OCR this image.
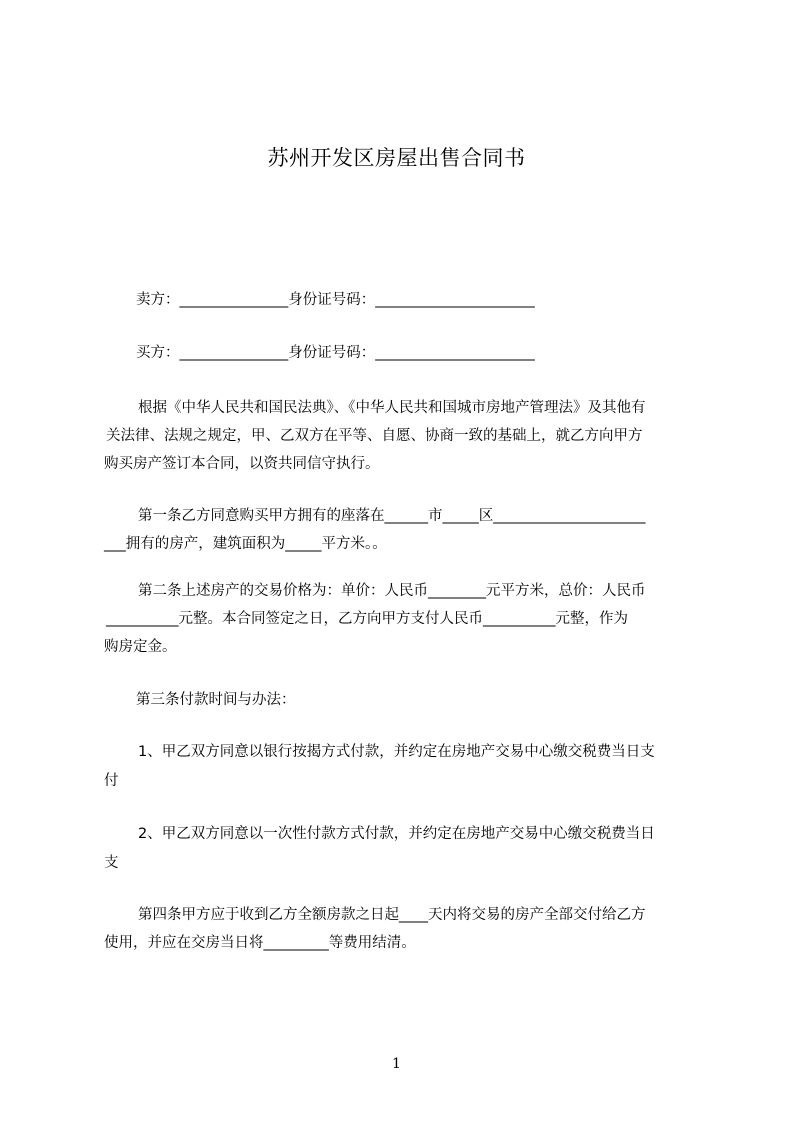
苏州开发区房屋出售合同书
卖方：_______________身份证号码：______________________
买方：_______________身份证号码：______________________
根据《中华人民共和国民法典》、《中华人民共和国城市房地产管理法》及其他有
关法律、法规之规定，甲、乙双方在平等、自愿、协商一致的基础上，就乙方向甲方
购买房产签订本合同，以资共同信守执行。
第一条乙方同意购买甲方拥有的座落在______市_____区_____________________
___拥有的房产，建筑面积为_____平方米。。
第二条上述房产的交易价格为：单价：人民币________元平方米，总价：人民币
__________元整。本合同签定之日，乙方向甲方支付人民币__________元整，作为
购房定金。
第三条付款时间与办法：
1、甲乙双方同意以银行按揭方式付款，并约定在房地产交易中心缴交税费当日支
付
2、甲乙双方同意以一次性付款方式付款，并约定在房地产交易中心缴交税费当日
支
第四条甲方应于收到乙方全额房款之日起____天内将交易的房产全部交付给乙方
使用，并应在交房当日将_________等费用结清。
1
